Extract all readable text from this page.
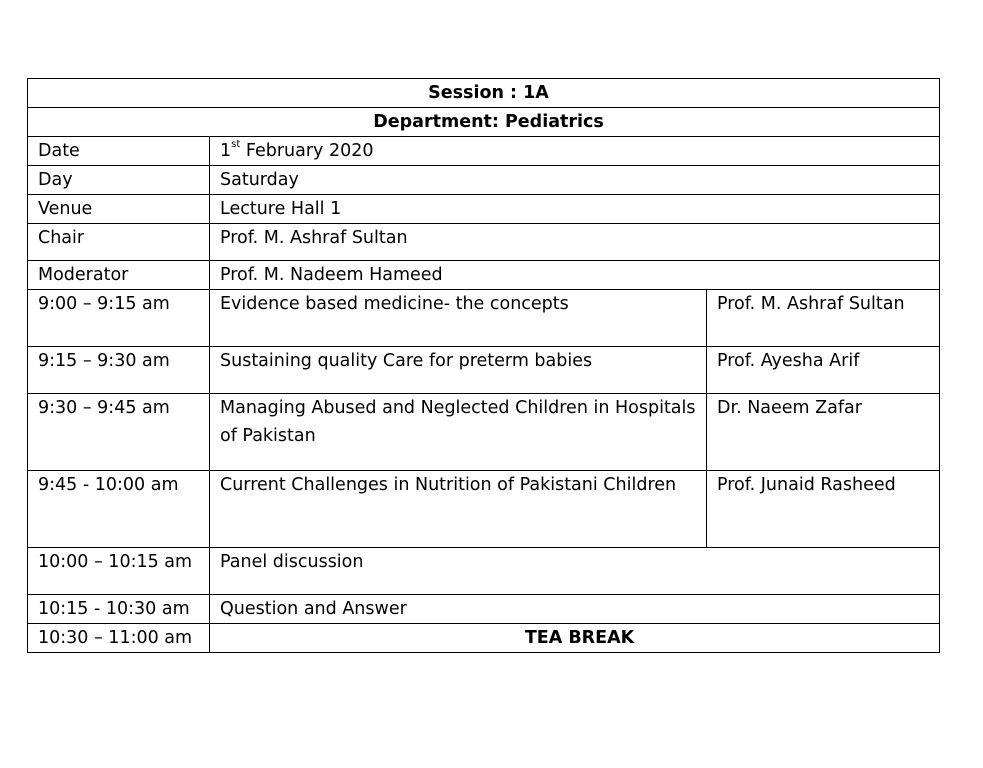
Session : 1A		
Department: Pediatrics		
Date	1st February 2020	
Day	Saturday	
Venue	Lecture Hall 1	
Chair	Prof. M. Ashraf Sultan	
Moderator	Prof. M. Nadeem Hameed	
9:00 – 9:15 am	Evidence based medicine- the concepts	Prof. M. Ashraf Sultan
9:15 – 9:30 am	Sustaining quality Care for preterm babies	Prof. Ayesha Arif
9:30 – 9:45 am	Managing Abused and Neglected Children in Hospitals of Pakistan	Dr. Naeem Zafar
9:45 - 10:00 am	Current Challenges in Nutrition of Pakistani Children	Prof. Junaid Rasheed
10:00 – 10:15 am	Panel discussion	
10:15 - 10:30 am	Question and Answer	
10:30 – 11:00 am	TEA BREAK	
